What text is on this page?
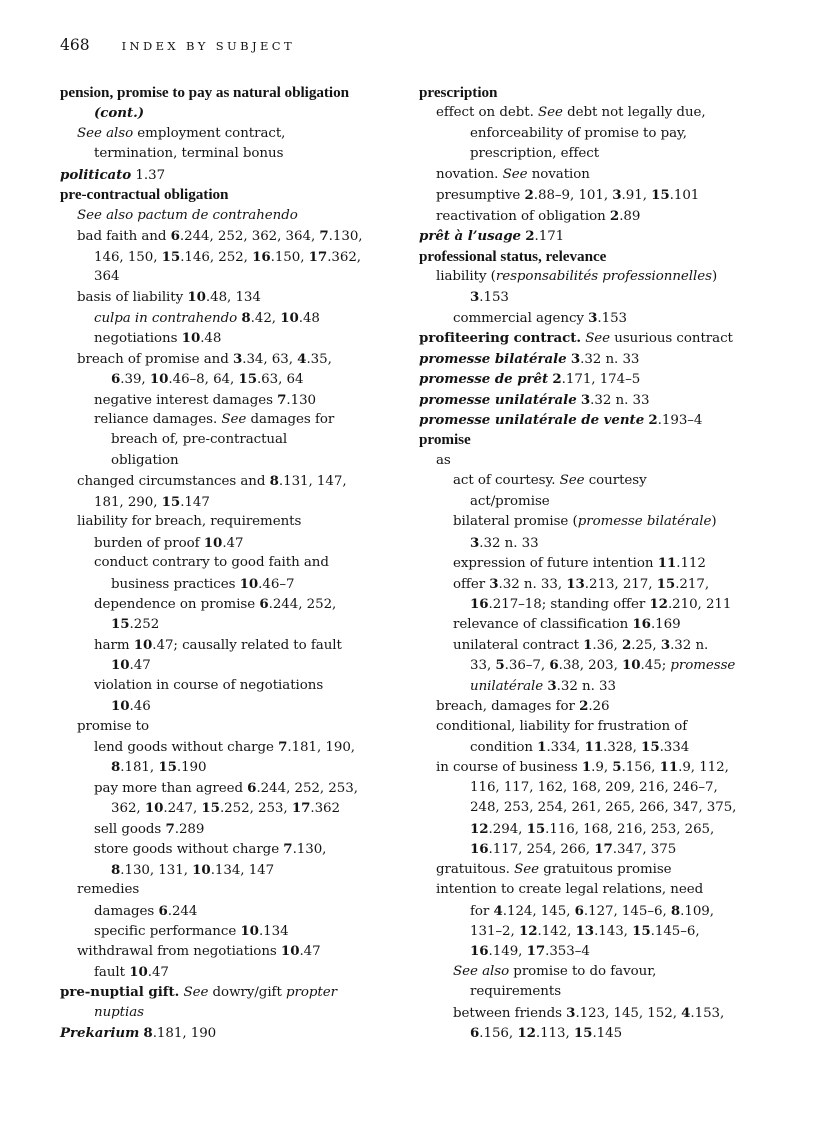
468	INDEX BY SUBJECT
pension, promise to pay as natural obligation
(cont.)
See also employment contract,
termination, terminal bonus
politicato 1.37
pre-contractual obligation
See also pactum de contrahendo
bad faith and 6.244, 252, 362, 364, 7.130,
146, 150, 15.146, 252, 16.150, 17.362,
364
basis of liability 10.48, 134
culpa in contrahendo 8.42, 10.48
negotiations 10.48
breach of promise and 3.34, 63, 4.35,
6.39, 10.46–8, 64, 15.63, 64
negative interest damages 7.130
reliance damages. See damages for
breach of, pre-contractual
obligation
changed circumstances and 8.131, 147,
181, 290, 15.147
liability for breach, requirements
burden of proof 10.47
conduct contrary to good faith and
business practices 10.46–7
dependence on promise 6.244, 252,
15.252
harm 10.47; causally related to fault
10.47
violation in course of negotiations
10.46
promise to
lend goods without charge 7.181, 190,
8.181, 15.190
pay more than agreed 6.244, 252, 253,
362, 10.247, 15.252, 253, 17.362
sell goods 7.289
store goods without charge 7.130,
8.130, 131, 10.134, 147
remedies
damages 6.244
specific performance 10.134
withdrawal from negotiations 10.47
fault 10.47
pre-nuptial gift. See dowry/gift propter
nuptias
Prekarium 8.181, 190
prescription
effect on debt. See debt not legally due,
enforceability of promise to pay,
prescription, effect
novation. See novation
presumptive 2.88–9, 101, 3.91, 15.101
reactivation of obligation 2.89
prêt à l’usage 2.171
professional status, relevance
liability (responsabilités professionnelles)
3.153
commercial agency 3.153
profiteering contract. See usurious contract
promesse bilatérale 3.32 n. 33
promesse de prêt 2.171, 174–5
promesse unilatérale 3.32 n. 33
promesse unilatérale de vente 2.193–4
promise
as
act of courtesy. See courtesy
act/promise
bilateral promise (promesse bilatérale)
3.32 n. 33
expression of future intention 11.112
offer 3.32 n. 33, 13.213, 217, 15.217,
16.217–18; standing offer 12.210, 211
relevance of classification 16.169
unilateral contract 1.36, 2.25, 3.32 n.
33, 5.36–7, 6.38, 203, 10.45; promesse
unilatérale 3.32 n. 33
breach, damages for 2.26
conditional, liability for frustration of
condition 1.334, 11.328, 15.334
in course of business 1.9, 5.156, 11.9, 112,
116, 117, 162, 168, 209, 216, 246–7,
248, 253, 254, 261, 265, 266, 347, 375,
12.294, 15.116, 168, 216, 253, 265,
16.117, 254, 266, 17.347, 375
gratuitous. See gratuitous promise
intention to create legal relations, need
for 4.124, 145, 6.127, 145–6, 8.109,
131–2, 12.142, 13.143, 15.145–6,
16.149, 17.353–4
See also promise to do favour,
requirements
between friends 3.123, 145, 152, 4.153,
6.156, 12.113, 15.145
